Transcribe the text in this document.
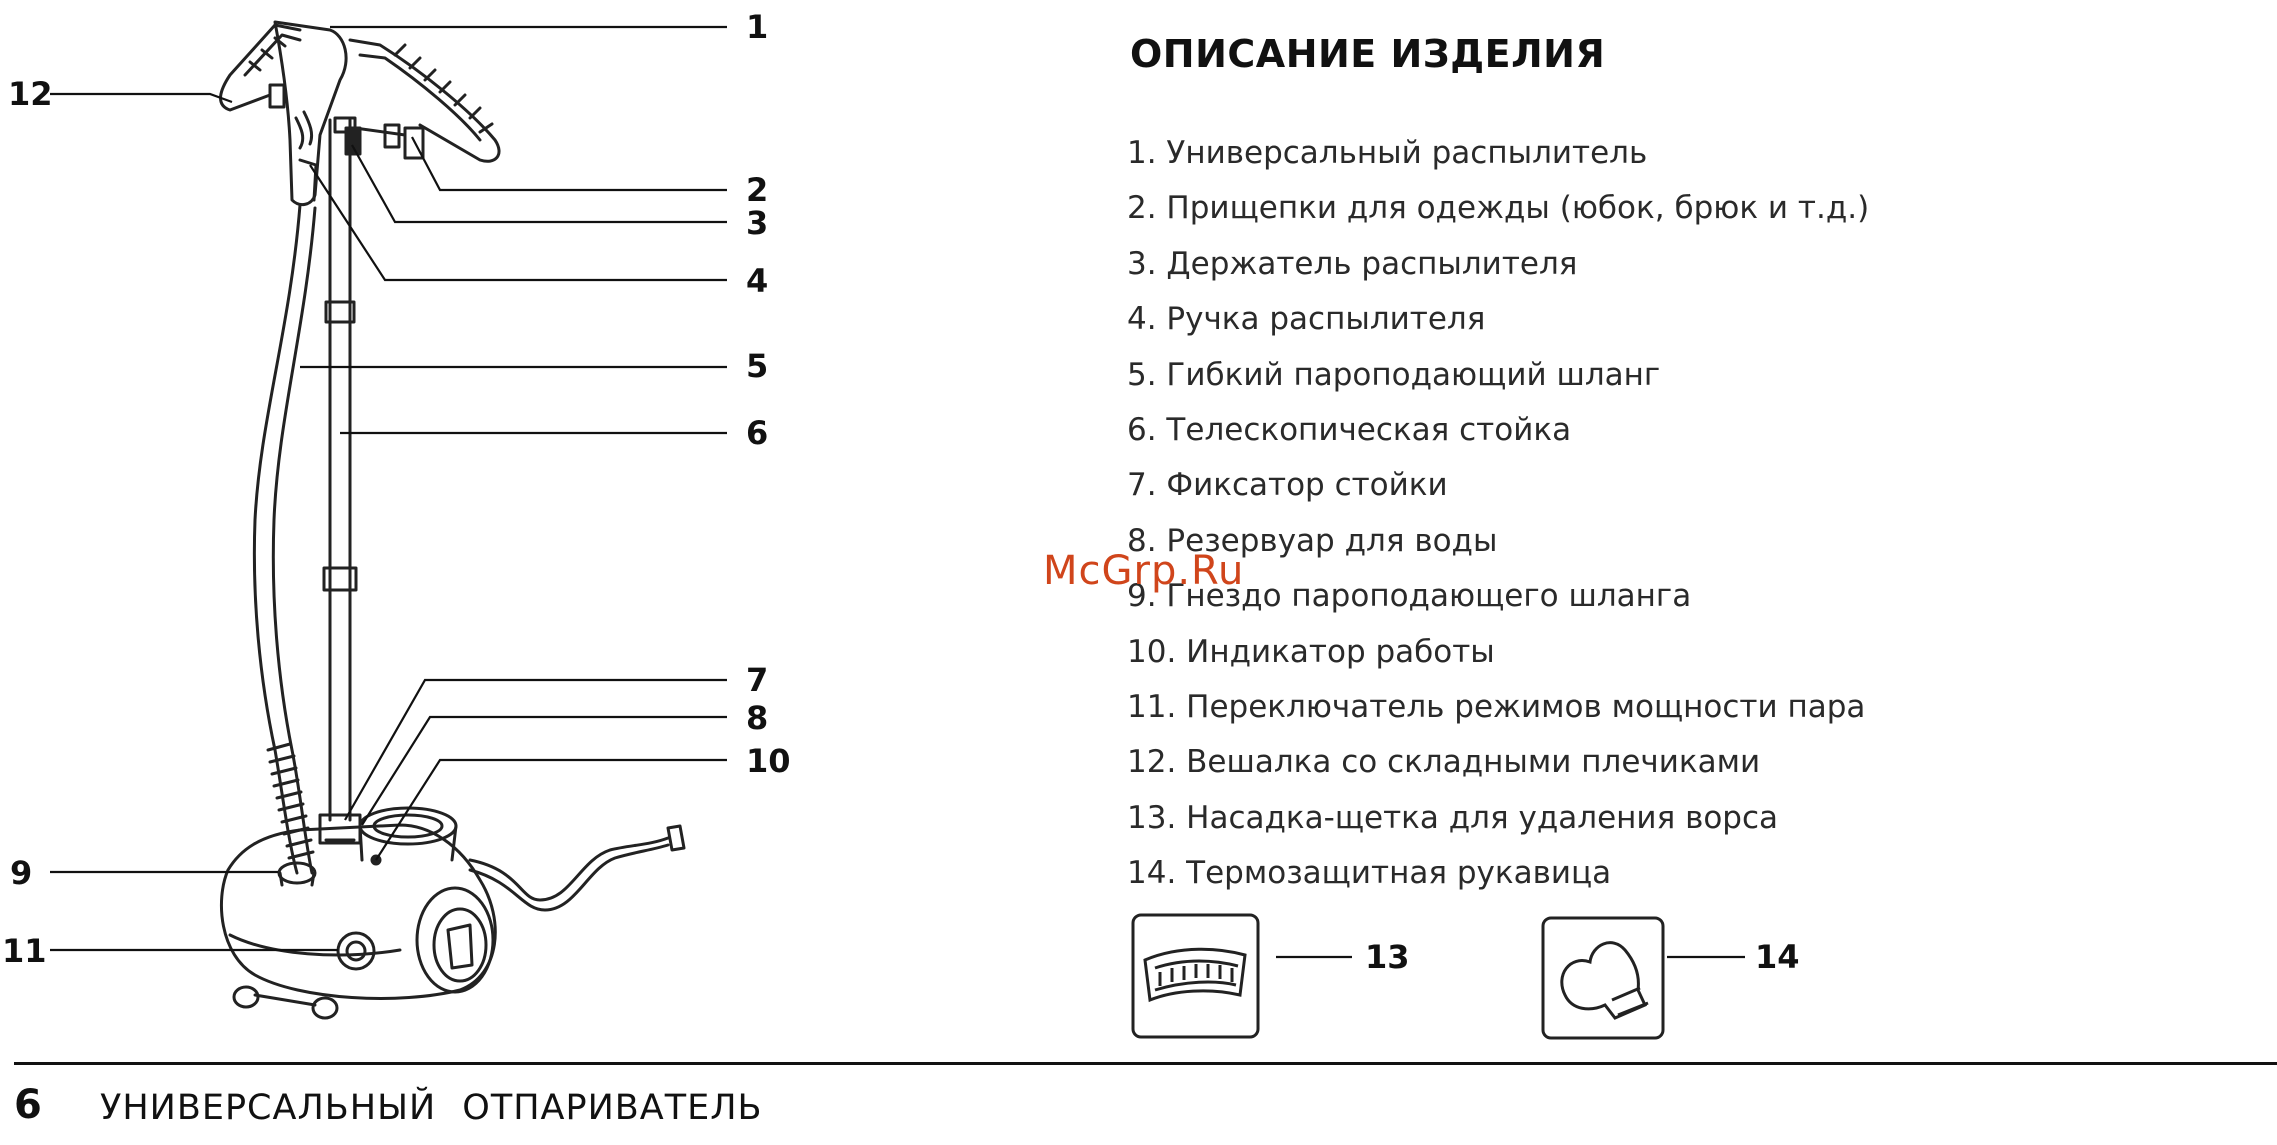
1
2
3
4
5
6
7
8
10
9
11
12
13	14
ОПИСАНИЕ ИЗДЕЛИЯ
1. Универсальный распылитель
2. Прищепки для одежды (юбок, брюк и т.д.)
3. Держатель распылителя
4. Ручка распылителя
5. Гибкий пароподающий шланг
6. Телескопическая стойка
7. Фиксатор стойки
8. Резервуар для воды
9. Гнездо пароподающего шланга
10. Индикатор работы
11. Переключатель режимов мощности пара
12. Вешалка со складными плечиками
13. Насадка-щетка для удаления ворса
14. Термозащитная рукавица
McGrp.Ru
6 УНИВЕРСАЛЬНЫЙ ОТПАРИВАТЕЛЬ
